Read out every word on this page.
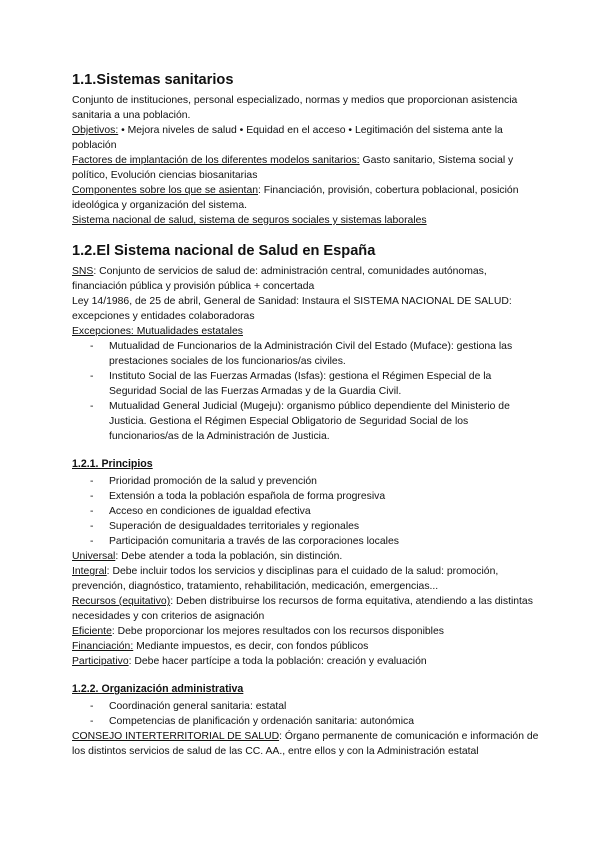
1.1.Sistemas sanitarios

Conjunto de instituciones, personal especializado, normas y medios que proporcionan asistencia sanitaria a una población.

Objetivos: • Mejora niveles de salud • Equidad en el acceso • Legitimación del sistema ante la población

Factores de implantación de los diferentes modelos sanitarios: Gasto sanitario, Sistema social y político, Evolución ciencias biosanitarias

Componentes sobre los que se asientan: Financiación, provisión, cobertura poblacional, posición ideológica y organización del sistema.

Sistema nacional de salud, sistema de seguros sociales y sistemas laborales

1.2.El Sistema nacional de Salud en España

SNS: Conjunto de servicios de salud de: administración central, comunidades autónomas, financiación pública y provisión pública + concertada

Ley 14/1986, de 25 de abril, General de Sanidad: Instaura el SISTEMA NACIONAL DE SALUD: excepciones y entidades colaboradoras

Excepciones: Mutualidades estatales

- Mutualidad de Funcionarios de la Administración Civil del Estado (Muface): gestiona las prestaciones sociales de los funcionarios/as civiles.
- Instituto Social de las Fuerzas Armadas (Isfas): gestiona el Régimen Especial de la Seguridad Social de las Fuerzas Armadas y de la Guardia Civil.
- Mutualidad General Judicial (Mugeju): organismo público dependiente del Ministerio de Justicia. Gestiona el Régimen Especial Obligatorio de Seguridad Social de los funcionarios/as de la Administración de Justicia.
1.2.1. Principios
- Prioridad promoción de la salud y prevención
- Extensión a toda la población española de forma progresiva
- Acceso en condiciones de igualdad efectiva
- Superación de desigualdades territoriales y regionales
- Participación comunitaria a través de las corporaciones locales

Universal: Debe atender a toda la población, sin distinción.

Integral: Debe incluir todos los servicios y disciplinas para el cuidado de la salud: promoción, prevención, diagnóstico, tratamiento, rehabilitación, medicación, emergencias...

Recursos (equitativo): Deben distribuirse los recursos de forma equitativa, atendiendo a las distintas necesidades y con criterios de asignación

Eficiente: Debe proporcionar los mejores resultados con los recursos disponibles

Financiación: Mediante impuestos, es decir, con fondos públicos

Participativo: Debe hacer partícipe a toda la población: creación y evaluación

1.2.2. Organización administrativa
- Coordinación general sanitaria: estatal
- Competencias de planificación y ordenación sanitaria: autonómica

CONSEJO INTERTERRITORIAL DE SALUD: Órgano permanente de comunicación e información de los distintos servicios de salud de las CC. AA., entre ellos y con la Administración estatal
